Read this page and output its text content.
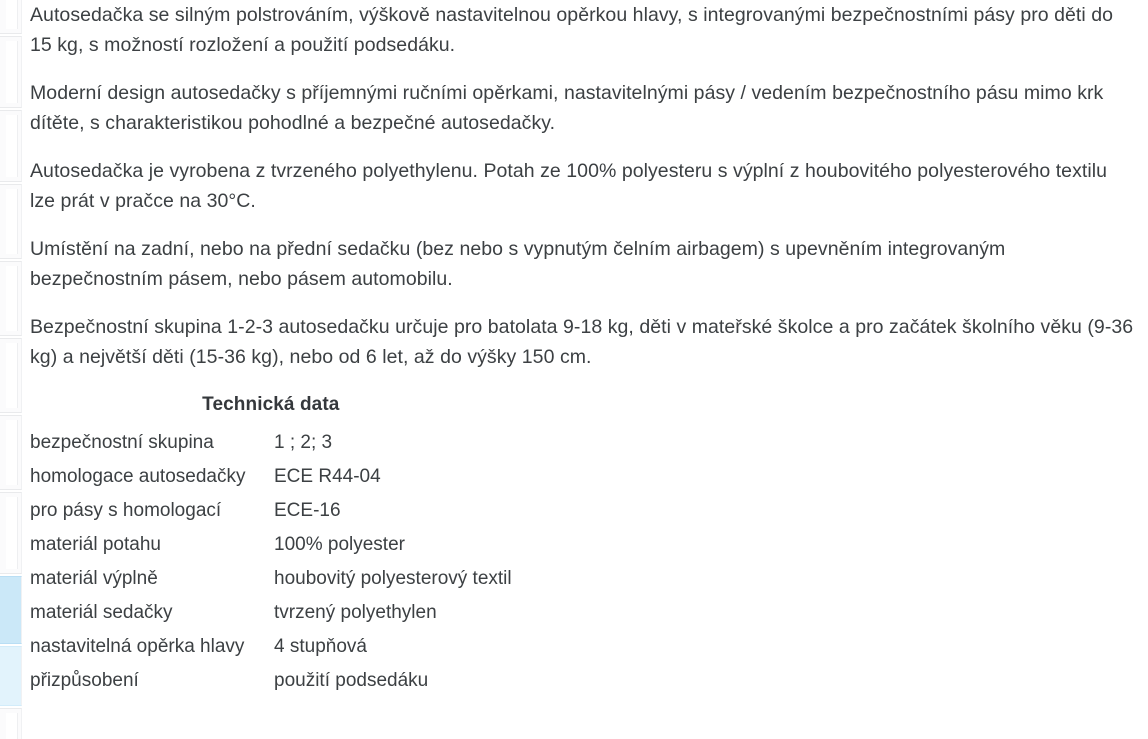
Autosedačka se silným polstrováním, výškově nastavitelnou opěrkou hlavy, s integrovanými bezpečnostními pásy pro děti do 15 kg, s možností rozložení a použití podsedáku.

Moderní design autosedačky s příjemnými ručními opěrkami, nastavitelnými pásy / vedením bezpečnostního pásu mimo krk dítěte, s charakteristikou pohodlné a bezpečné autosedačky.

Autosedačka je vyrobena z tvrzeného polyethylenu. Potah ze 100% polyesteru s výplní z houbovitého polyesterového textilu lze prát v pračce na 30°C.

Umístění na zadní, nebo na přední sedačku (bez nebo s vypnutým čelním airbagem) s upevněním integrovaným bezpečnostním pásem, nebo pásem automobilu.

Bezpečnostní skupina 1-2-3 autosedačku určuje pro batolata 9-18 kg, děti v mateřské školce a pro začátek školního věku (9-36 kg) a největší děti (15-36 kg), nebo od 6 let, až do výšky 150 cm.

Technická data
bezpečnostní skupina	1 ; 2; 3
homologace autosedačky	ECE R44-04
pro pásy s homologací	ECE-16
materiál potahu	100% polyester
materiál výplně	houbovitý polyesterový textil
materiál sedačky	tvrzený polyethylen
nastavitelná opěrka hlavy	4 stupňová
přizpůsobení	použití podsedáku
